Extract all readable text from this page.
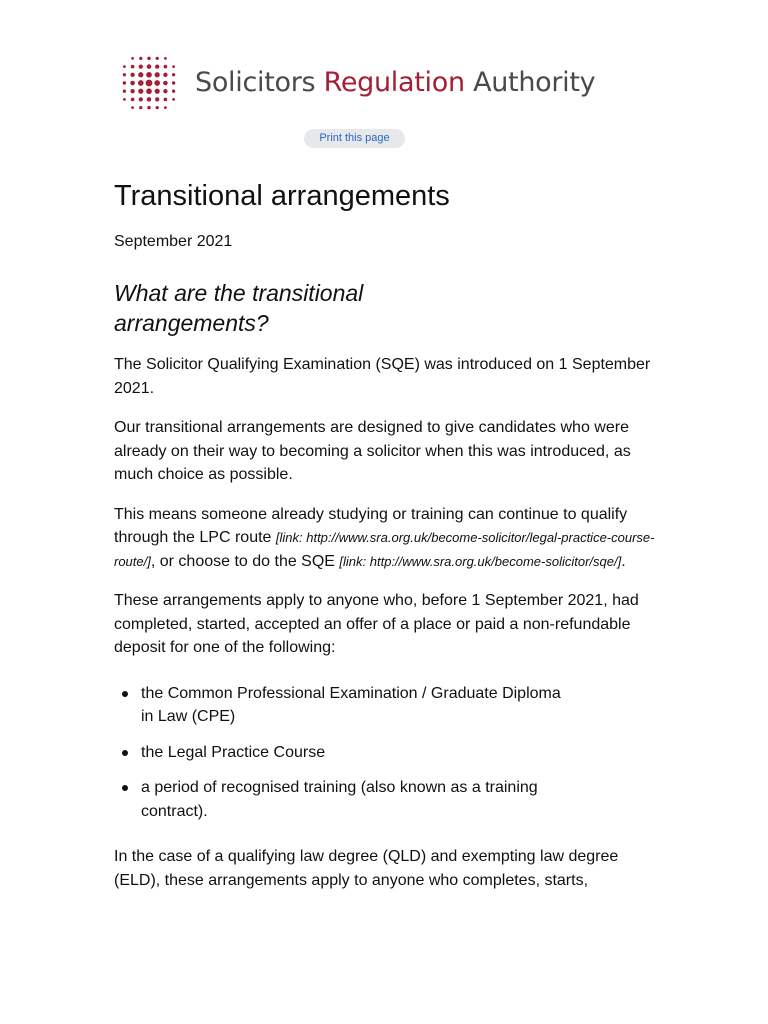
Solicitors Regulation Authority
Print this page
Transitional arrangements
September 2021
What are the transitional arrangements?

The Solicitor Qualifying Examination (SQE) was introduced on 1 September 2021.

Our transitional arrangements are designed to give candidates who were already on their way to becoming a solicitor when this was introduced, as much choice as possible.

This means someone already studying or training can continue to qualify through the LPC route [link: http://www.sra.org.uk/become-solicitor/legal-practice-course-route/], or choose to do the SQE [link: http://www.sra.org.uk/become-solicitor/sqe/].

These arrangements apply to anyone who, before 1 September 2021, had completed, started, accepted an offer of a place or paid a non-refundable deposit for one of the following:

the Common Professional Examination / Graduate Diploma in Law (CPE)
the Legal Practice Course
a period of recognised training (also known as a training contract).

In the case of a qualifying law degree (QLD) and exempting law degree (ELD), these arrangements apply to anyone who completes, starts,
